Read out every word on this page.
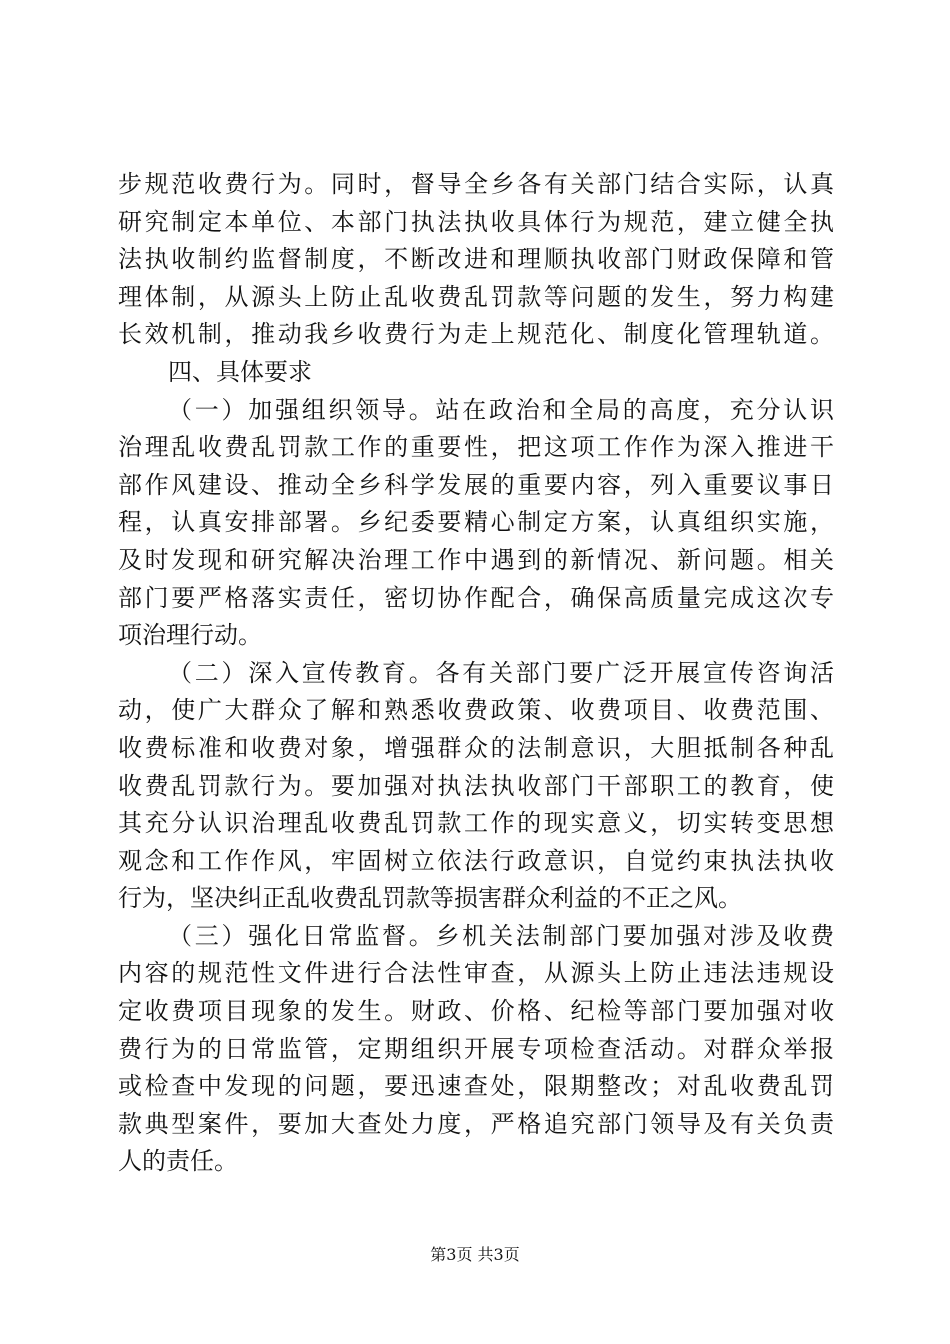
步规范收费行为。同时，督导全乡各有关部门结合实际，认真
研究制定本单位、本部门执法执收具体行为规范，建立健全执
法执收制约监督制度，不断改进和理顺执收部门财政保障和管
理体制，从源头上防止乱收费乱罚款等问题的发生，努力构建
长效机制，推动我乡收费行为走上规范化、制度化管理轨道。
四、具体要求
（一）加强组织领导。站在政治和全局的高度，充分认识
治理乱收费乱罚款工作的重要性，把这项工作作为深入推进干
部作风建设、推动全乡科学发展的重要内容，列入重要议事日
程，认真安排部署。乡纪委要精心制定方案，认真组织实施，
及时发现和研究解决治理工作中遇到的新情况、新问题。相关
部门要严格落实责任，密切协作配合，确保高质量完成这次专
项治理行动。
（二）深入宣传教育。各有关部门要广泛开展宣传咨询活
动，使广大群众了解和熟悉收费政策、收费项目、收费范围、
收费标准和收费对象，增强群众的法制意识，大胆抵制各种乱
收费乱罚款行为。要加强对执法执收部门干部职工的教育，使
其充分认识治理乱收费乱罚款工作的现实意义，切实转变思想
观念和工作作风，牢固树立依法行政意识，自觉约束执法执收
行为，坚决纠正乱收费乱罚款等损害群众利益的不正之风。
（三）强化日常监督。乡机关法制部门要加强对涉及收费
内容的规范性文件进行合法性审查，从源头上防止违法违规设
定收费项目现象的发生。财政、价格、纪检等部门要加强对收
费行为的日常监管，定期组织开展专项检查活动。对群众举报
或检查中发现的问题，要迅速查处，限期整改；对乱收费乱罚
款典型案件，要加大查处力度，严格追究部门领导及有关负责
人的责任。
第3页 共3页
